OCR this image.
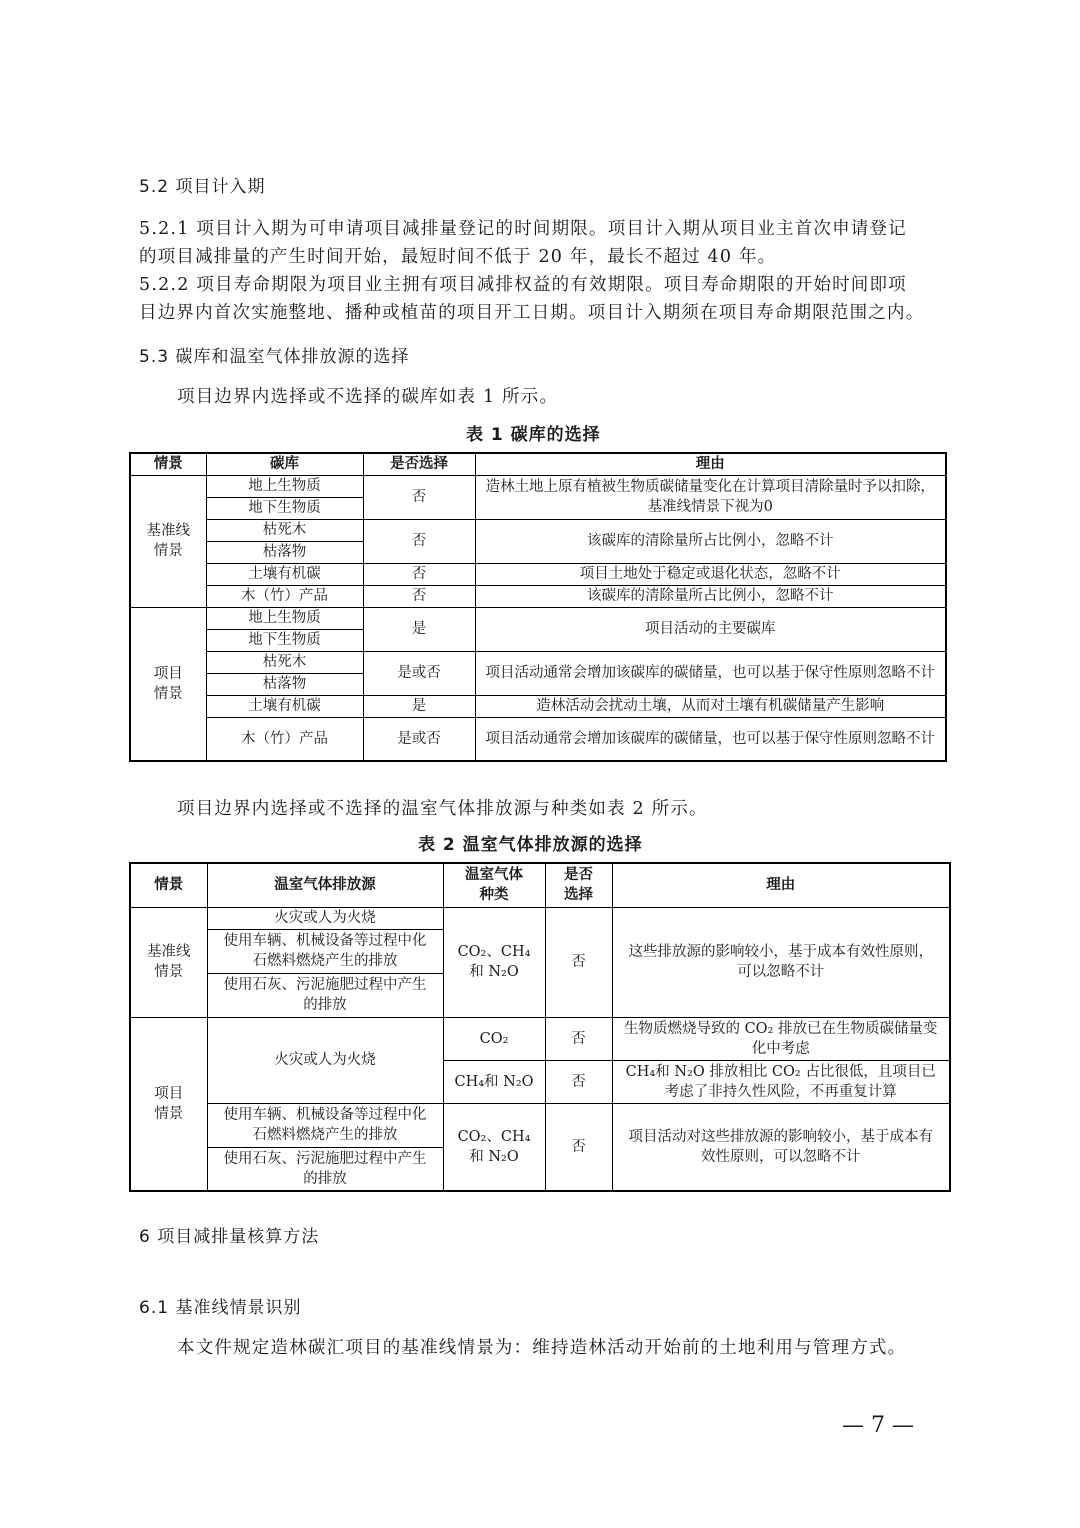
5.2 项目计入期
5.2.1 项目计入期为可申请项目减排量登记的时间期限。项目计入期从项目业主首次申请登记
的项目减排量的产生时间开始，最短时间不低于 20 年，最长不超过 40 年。
5.2.2 项目寿命期限为项目业主拥有项目减排权益的有效期限。项目寿命期限的开始时间即项
目边界内首次实施整地、播种或植苗的项目开工日期。项目计入期须在项目寿命期限范围之内。
5.3 碳库和温室气体排放源的选择
项目边界内选择或不选择的碳库如表 1 所示。
表 1 碳库的选择
情景	碳库	是否选择	理由
基准线情景	地上生物质	否	造林土地上原有植被生物质碳储量变化在计算项目清除量时予以扣除，基准线情景下视为0
	地下生物质		
	枯死木	否	该碳库的清除量所占比例小，忽略不计
	枯落物		
	土壤有机碳	否	项目土地处于稳定或退化状态，忽略不计
	木（竹）产品	否	该碳库的清除量所占比例小，忽略不计
项目情景	地上生物质	是	项目活动的主要碳库
	地下生物质		
	枯死木	是或否	项目活动通常会增加该碳库的碳储量，也可以基于保守性原则忽略不计
	枯落物		
	土壤有机碳	是	造林活动会扰动土壤，从而对土壤有机碳储量产生影响
	木（竹）产品	是或否	项目活动通常会增加该碳库的碳储量，也可以基于保守性原则忽略不计
项目边界内选择或不选择的温室气体排放源与种类如表 2 所示。
表 2 温室气体排放源的选择
情景	温室气体排放源	温室气体种类	是否选择	理由
基准线情景	火灾或人为火烧	CO₂、CH₄和 N₂O	否	这些排放源的影响较小，基于成本有效性原则，可以忽略不计
	使用车辆、机械设备等过程中化石燃料燃烧产生的排放			
	使用石灰、污泥施肥过程中产生的排放			
项目情景	火灾或人为火烧	CO₂	否	生物质燃烧导致的 CO₂ 排放已在生物质碳储量变化中考虑
		CH₄和 N₂O	否	CH₄和 N₂O 排放相比 CO₂ 占比很低，且项目已考虑了非持久性风险，不再重复计算
	使用车辆、机械设备等过程中化石燃料燃烧产生的排放	CO₂、CH₄和 N₂O	否	项目活动对这些排放源的影响较小，基于成本有效性原则，可以忽略不计
	使用石灰、污泥施肥过程中产生的排放			
6 项目减排量核算方法
6.1 基准线情景识别
本文件规定造林碳汇项目的基准线情景为：维持造林活动开始前的土地利用与管理方式。
— 7 —
